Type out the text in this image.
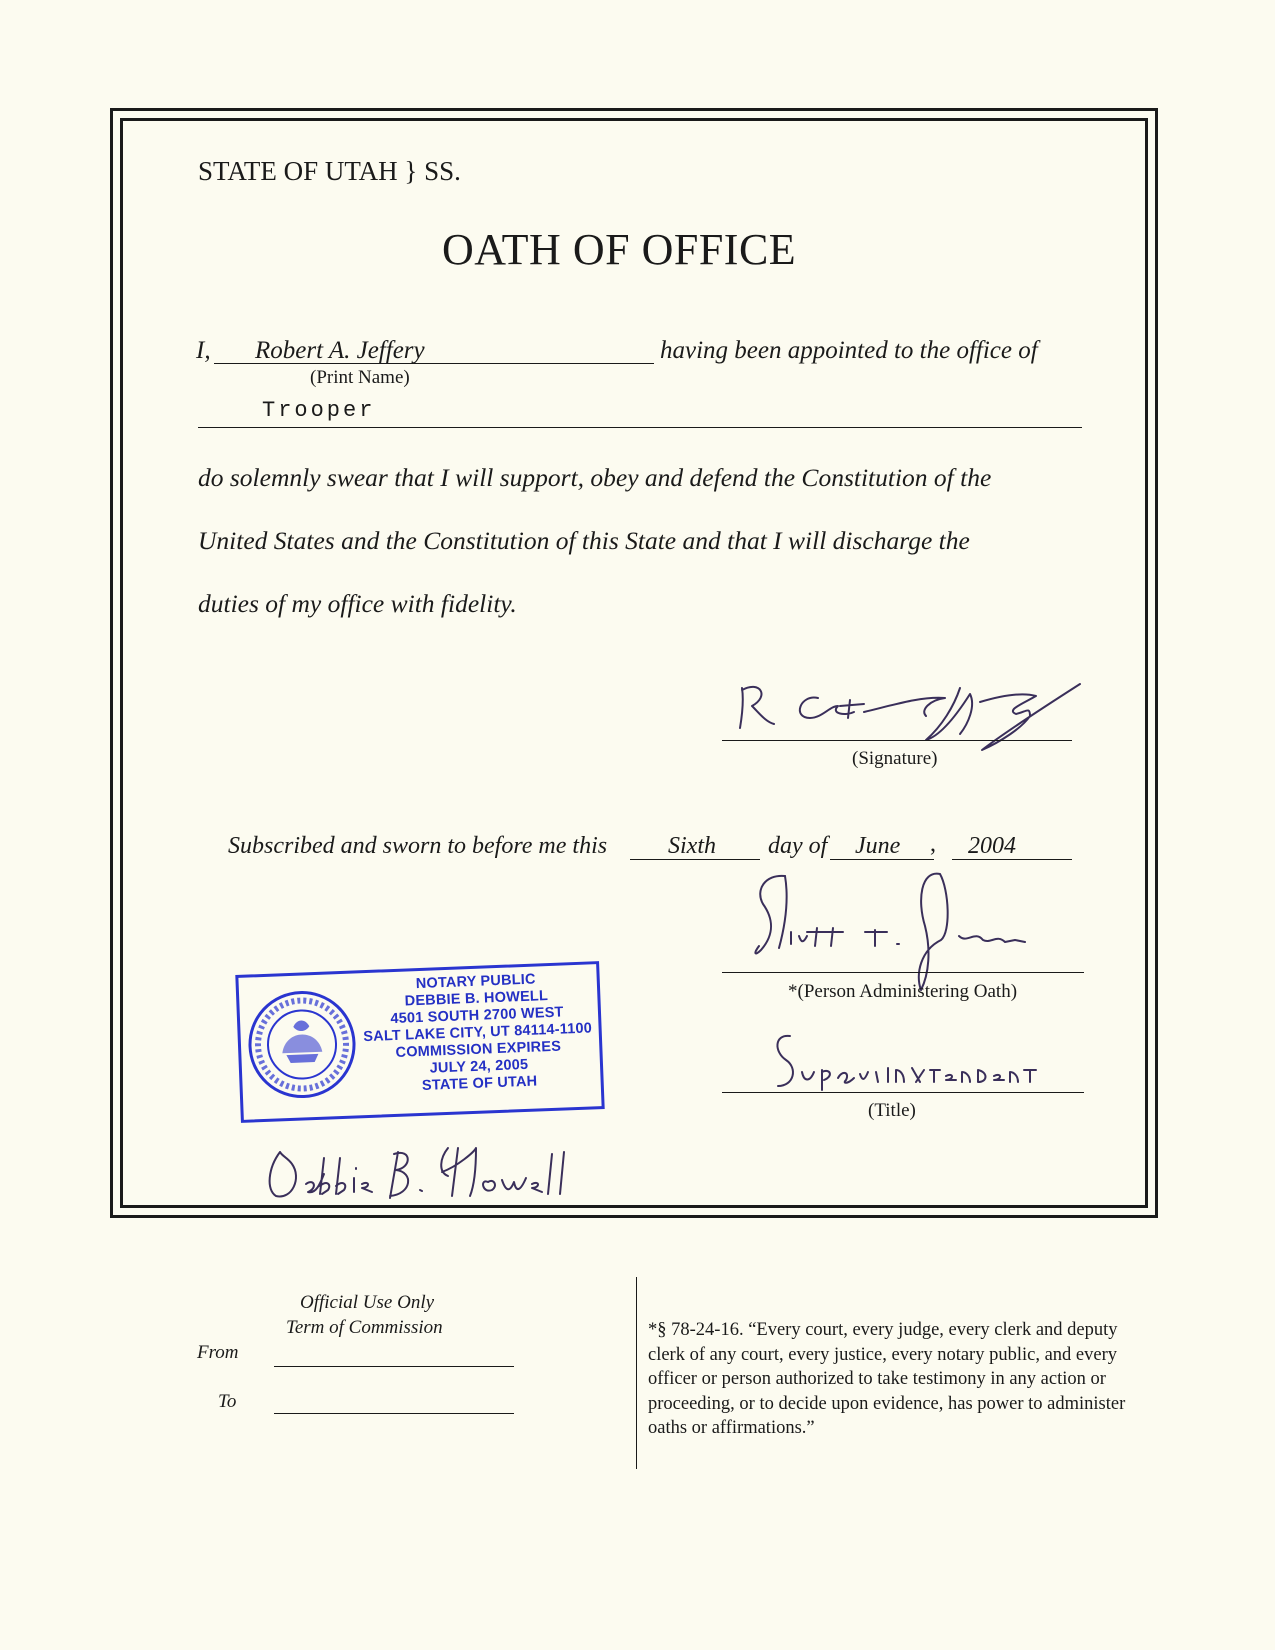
STATE OF UTAH } SS.
OATH OF OFFICE
I, Robert A. Jeffery	having been appointed to the office of
(Print Name)
Trooper
do solemnly swear that I will support, obey and defend the Constitution of the
United States and the Constitution of this State and that I will discharge the
duties of my office with fidelity.
(Signature)
Subscribed and sworn to before me this	Sixth day of June , 2004
*(Person Administering Oath)
(Title)
NOTARY PUBLIC
DEBBIE B. HOWELL
4501 SOUTH 2700 WEST
SALT LAKE CITY, UT 84114-1100
COMMISSION EXPIRES
JULY 24, 2005
STATE OF UTAH
Official Use Only
Term of Commission
From
To
*§ 78-24-16. “Every court, every judge, every clerk and deputy clerk of any court, every justice, every notary public, and every officer or person authorized to take testimony in any action or proceeding, or to decide upon evidence, has power to administer oaths or affirmations.”
